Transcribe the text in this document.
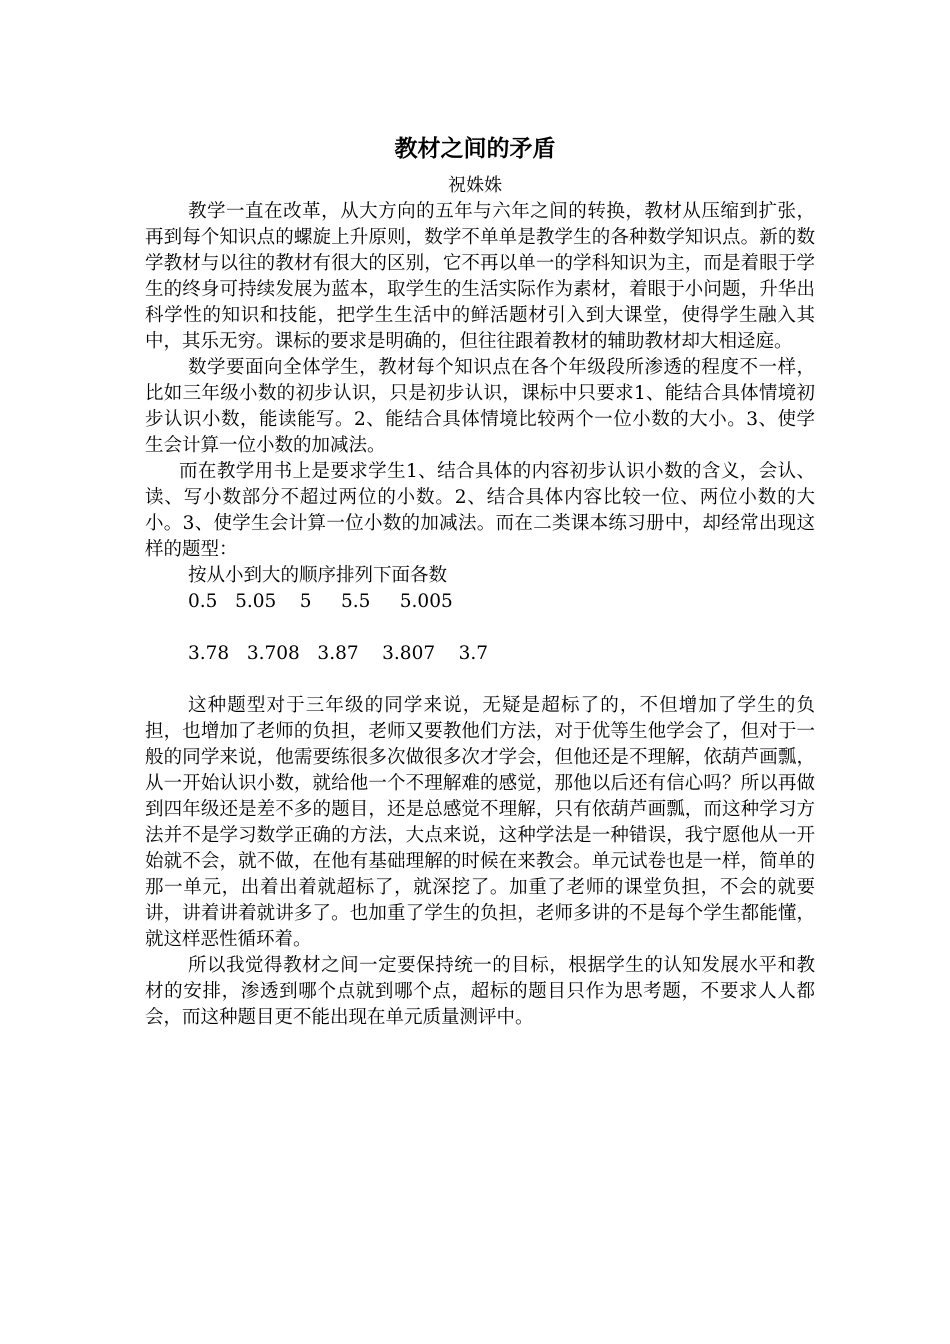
教材之间的矛盾
祝姝姝

教学一直在改革，从大方向的五年与六年之间的转换，教材从压缩到扩张，再到每个知识点的螺旋上升原则，数学不单单是教学生的各种数学知识点。新的数学教材与以往的教材有很大的区别，它不再以单一的学科知识为主，而是着眼于学生的终身可持续发展为蓝本，取学生的生活实际作为素材，着眼于小问题，升华出科学性的知识和技能，把学生生活中的鲜活题材引入到大课堂，使得学生融入其中，其乐无穷。课标的要求是明确的，但往往跟着教材的辅助教材却大相迳庭。

数学要面向全体学生，教材每个知识点在各个年级段所渗透的程度不一样，比如三年级小数的初步认识，只是初步认识，课标中只要求1、能结合具体情境初步认识小数，能读能写。2、能结合具体情境比较两个一位小数的大小。3、使学生会计算一位小数的加减法。

而在教学用书上是要求学生1、结合具体的内容初步认识小数的含义，会认、读、写小数部分不超过两位的小数。2、结合具体内容比较一位、两位小数的大小。3、使学生会计算一位小数的加减法。而在二类课本练习册中，却经常出现这样的题型：

按从小到大的顺序排列下面各数

0.5   5.05    5     5.5     5.005

3.78   3.708   3.87    3.807    3.7

这种题型对于三年级的同学来说，无疑是超标了的，不但增加了学生的负担，也增加了老师的负担，老师又要教他们方法，对于优等生他学会了，但对于一般的同学来说，他需要练很多次做很多次才学会，但他还是不理解，依葫芦画瓢，从一开始认识小数，就给他一个不理解难的感觉，那他以后还有信心吗？所以再做到四年级还是差不多的题目，还是总感觉不理解，只有依葫芦画瓢，而这种学习方法并不是学习数学正确的方法，大点来说，这种学法是一种错误，我宁愿他从一开始就不会，就不做，在他有基础理解的时候在来教会。单元试卷也是一样，简单的那一单元，出着出着就超标了，就深挖了。加重了老师的课堂负担，不会的就要讲，讲着讲着就讲多了。也加重了学生的负担，老师多讲的不是每个学生都能懂，就这样恶性循环着。

所以我觉得教材之间一定要保持统一的目标，根据学生的认知发展水平和教材的安排，渗透到哪个点就到哪个点，超标的题目只作为思考题，不要求人人都会，而这种题目更不能出现在单元质量测评中。
